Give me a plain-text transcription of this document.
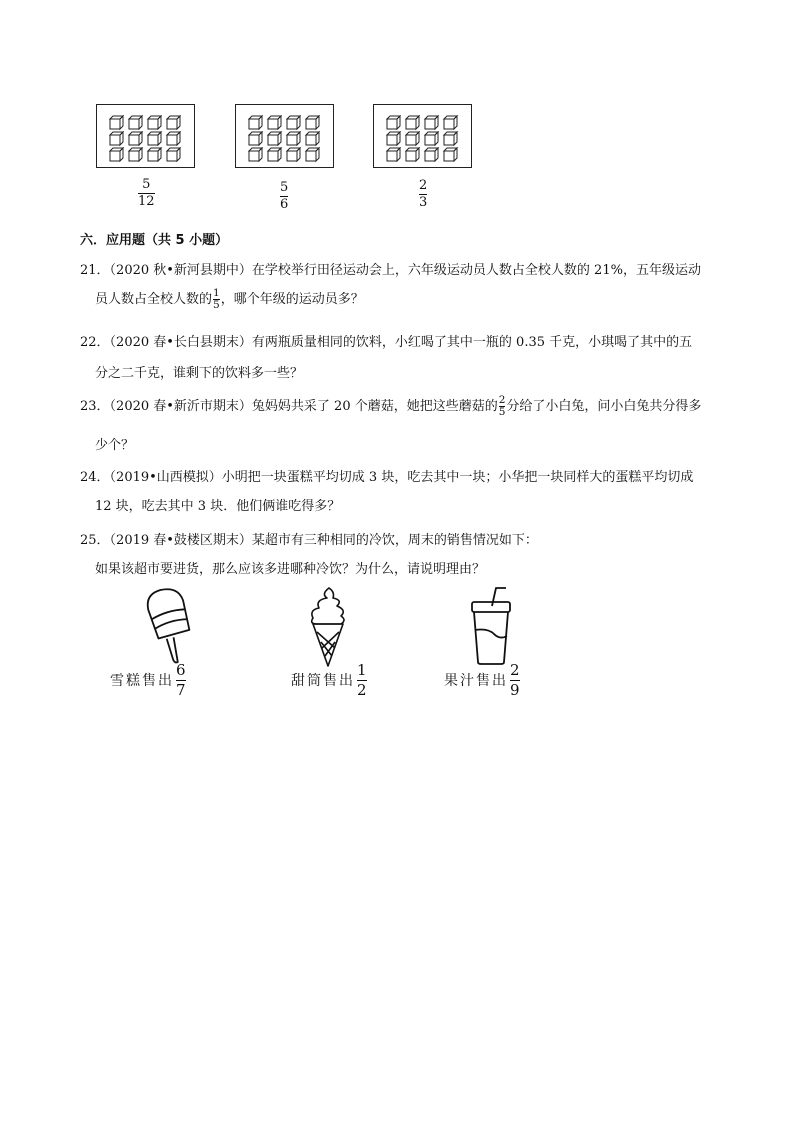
5
12
5
6
2
3
六．应用题（共 5 小题）
21．（2020 秋•新河县期中）在学校举行田径运动会上，六年级运动员人数占全校人数的 21%，五年级运动
员人数占全校人数的 $\frac{1}{5}$ ，哪个年级的运动员多？
22．（2020 春•长白县期末）有两瓶质量相同的饮料，小红喝了其中一瓶的 0.35 千克，小琪喝了其中的五
分之二千克，谁剩下的饮料多一些？
23．（2020 春•新沂市期末）兔妈妈共采了 20 个蘑菇，她把这些蘑菇的 $\frac{2}{5}$ 分给了小白兔，问小白兔共分得多
少个？
24．（2019•山西模拟）小明把一块蛋糕平均切成 3 块，吃去其中一块；小华把一块同样大的蛋糕平均切成
12 块，吃去其中 3 块．他们俩谁吃得多？
25．（2019 春•鼓楼区期末）某超市有三种相同的冷饮，周末的销售情况如下：
如果该超市要进货，那么应该多进哪种冷饮？为什么，请说明理由？
雪糕售出 $\frac{6}{7}$	甜筒售出 $\frac{1}{2}$	果汁售出 $\frac{2}{9}$
